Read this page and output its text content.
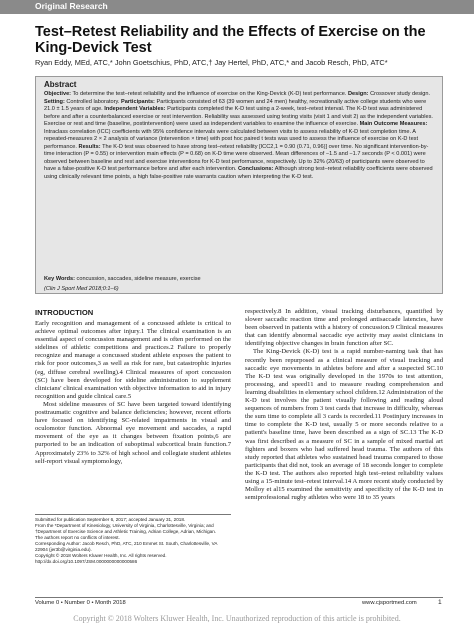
Original Research
Test–Retest Reliability and the Effects of Exercise on the King-Devick Test
Ryan Eddy, MEd, ATC,* John Goetschius, PhD, ATC,† Jay Hertel, PhD, ATC,* and Jacob Resch, PhD, ATC*
Abstract

Objective: To determine the test–retest reliability and the influence of exercise on the King-Devick (K-D) test performance. Design: Crossover study design. Setting: Controlled laboratory. Participants: Participants consisted of 63 (39 women and 24 men) healthy, recreationally active college students who were 21.0 ± 1.5 years of age. Independent Variables: Participants completed the K-D test using a 2-week, test–retest interval. The K-D test was administered before and after a counterbalanced exercise or rest intervention. Reliability was assessed using testing visits (visit 1 and visit 2) as the independent variables. Exercise or rest and time (baseline, postintervention) were used as independent variables to examine the influence of exercise. Main Outcome Measures: Intraclass correlation (ICC) coefficients with 95% confidence intervals were calculated between visits to assess reliability of K-D test completion time. A repeated-measures 2 × 2 analysis of variance (intervention × time) with post hoc paired t tests was used to assess the influence of exercise on K-D test performance. Results: The K-D test was observed to have strong test–retest reliability [ICC2,1 = 0.90 (0.71, 0.96)] over time. No significant intervention-by-time interaction (P = 0.55) or intervention main effects (P = 0.68) on K-D time were observed. Mean differences of −1.5 and −1.7 seconds (P < 0.001) were observed between baseline and rest and exercise interventions for K-D test performance, respectively. Up to 32% (20/63) of participants were observed to have a false-positive K-D test performance before and after each intervention. Conclusions: Although strong test–retest reliability coefficients were observed using clinically relevant time points, a high false-positive rate warrants caution when interpreting the K-D test.

Key Words: concussion, saccades, sideline measure, exercise
(Clin J Sport Med 2018;0:1–6)
INTRODUCTION

Early recognition and management of a concussed athlete is critical to achieve optimal outcomes after injury.1 The clinical examination is an essential aspect of concussion management and is often performed on the sidelines of athletic competitions and practices.2 Failure to properly recognize and manage a concussed student athlete exposes the patient to risk for poor outcomes,3 as well as risk for rare, but catastrophic injuries (eg, diffuse cerebral swelling).4 Clinical measures of sport concussion (SC) have been developed for sideline administration to supplement clinicians' clinical examination with objective information to aid in injury recognition and guide clinical care.5

Most sideline measures of SC have been targeted toward identifying posttraumatic cognitive and balance deficiencies; however, recent efforts have focused on identifying SC-related impairments in visual and oculomotor function. Abnormal eye movement and saccades, a rapid movement of the eye as it changes between fixation points,6 are purported to be an indication of suboptimal subcortical brain function.7 Approximately 23% to 32% of high school and collegiate student athletes self-report visual symptomology,

Submitted for publication September 6, 2017; accepted January 31, 2018.

From the *Department of Kinesiology, University of Virginia, Charlottesville, Virginia; and †Department of Exercise Science and Athletic Training, Adrian College, Adrian, Michigan.

The authors report no conflicts of interest.

Corresponding Author: Jacob Resch, PhD, ATC, 210 Emmet St. South, Charlottesville, VA 22904 (jer3b@virginia.edu).

Copyright © 2018 Wolters Kluwer Health, Inc. All rights reserved.

http://dx.doi.org/10.1097/JSM.0000000000000586

respectively.8 In addition, visual tracking disturbances, quantified by slower saccadic reaction time and prolonged antisaccade latencies, have been observed in patients with a history of concussion.9 Clinical measures that can identify abnormal saccadic eye activity may assist clinicians in identifying objective changes in brain function after SC.

The King-Devick (K-D) test is a rapid number-naming task that has recently been repurposed as a clinical measure of visual tracking and saccadic eye movements in athletes before and after a suspected SC.10 The K-D test was originally developed in the 1970s to test attention, processing, and speed11 and to measure reading comprehension and learning disabilities in elementary school children.12 Administration of the K-D test involves the patient visually following and reading aloud sequences of numbers from 3 test cards that increase in difficulty, whereas the sum time to complete all 3 cards is recorded.11 Postinjury increases in time to complete the K-D test, usually 5 or more seconds relative to a patient's baseline time, have been described as a sign of SC.13 The K-D was first described as a measure of SC in a sample of mixed martial art fighters and boxers who had suffered head trauma. The authors of this study reported that athletes who sustained head trauma compared to those participants that did not, took an average of 18 seconds longer to complete the K-D test. The authors also reported high test–retest reliability values using a 15-minute test–retest interval.14 A more recent study conducted by Molloy et al15 examined the sensitivity and specificity of the K-D test in semiprofessional rugby athletes who were 18 to 35 years

Volume 0 • Number 0 • Month 2018	www.cjsportmed.com	1
Copyright © 2018 Wolters Kluwer Health, Inc. Unauthorized reproduction of this article is prohibited.
